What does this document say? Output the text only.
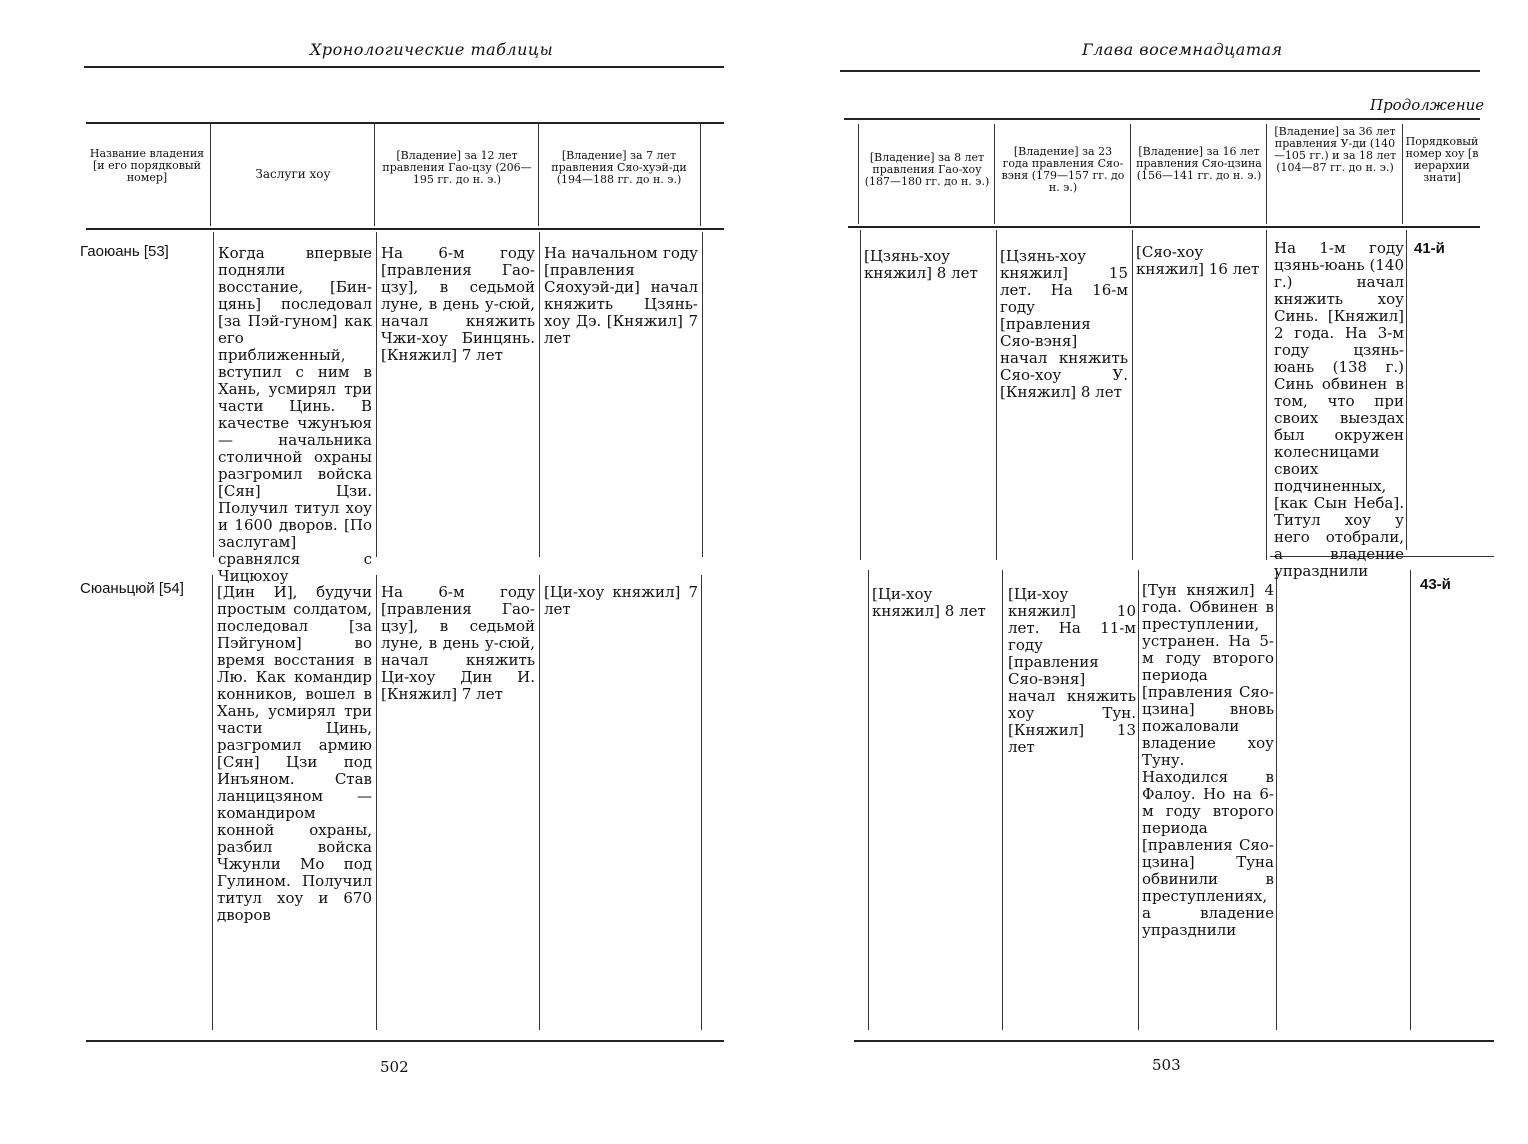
Хронологические таблицы
Название владения [и его порядковый номер]	Заслуги хоу
[Владение] за 12 лет правления Гао-цзу (206—195 гг. до н. э.)
[Владение] за 7 лет правления Сяо-хуэй-ди (194—188 гг. до н. э.)
Гаоюань [53]	Когда впервые подняли восстание, [Бин-цянь] последовал [за Пэй-гуном] как его приближенный, вступил с ним в Хань, усмирял три части Цинь. В качестве чжунъюя— начальника столичной охраны разгромил войска [Сян] Цзи. Получил титул хоу и 1600 дворов. [По заслугам] сравнялся с Чицюхоу
На 6-м году [правления Гао-цзу], в седьмой луне, в день у-сюй, начал княжить Чжи-хоу Бинцянь. [Княжил] 7 лет
На начальном году [правления Сяохуэй-ди] начал княжить Цзянь-хоу Дэ. [Княжил] 7 лет
Сюаньцюй [54] [Дин И], будучи простым солдатом, последовал [за Пэйгуном] во время восстания в Лю. Как командир конников, вошел в Хань, усмирял три части Цинь, разгромил армию [Сян] Цзи под Инъяном. Став ланцицзяном — командиром конной охраны, разбил войска Чжунли Мо под Гулином. Получил титул хоу и 670 дворов
На 6-м году [правления Гао-цзу], в седьмой луне, в день у-сюй, начал княжить Ци-хоу Дин И. [Княжил] 7 лет
[Ци-хоу княжил] 7 лет
502
Глава восемнадцатая
Продолжение
[Владение] за 8 лет правления Гао-хоу (187—180 гг. до н. э.)
[Владение] за 23 года правления Сяо-вэня (179—157 гг. до н. э.)
[Владение] за 16 лет правления Сяо-цзина (156—141 гг. до н. э.)
[Владение] за 36 лет правления У-ди (140—105 гг.) и за 18 лет (104—87 гг. до н. э.)
Порядковый номер хоу [в иерархии знати]
[Цзянь-хоу княжил] 8 лет
[Цзянь-хоу княжил] 15 лет. На 16-м году [правления Сяо-вэня] начал княжить Сяо-хоу У. [Княжил] 8 лет
[Сяо-хоу княжил] 16 лет
На 1-м году цзянь-юань (140 г.) начал княжить хоу Синь. [Княжил] 2 года. На 3-м году цзянь-юань (138 г.) Синь обвинен в том, что при своих выездах был окружен колесницами своих подчиненных, [как Сын Неба]. Титул хоу у него отобрали, а владение упразднили
41-й
[Ци-хоу княжил] 8 лет
[Ци-хоу княжил] 10 лет. На 11-м году [правления Сяо-вэня] начал княжить хоу Тун. [Княжил] 13 лет
[Тун княжил] 4 года. Обвинен в преступлении, устранен. На 5-м году второго периода [правления Сяо-цзина] вновь пожаловали владение хоу Туну. Находился в Фалоу. Но на 6-м году второго периода [правления Сяо-цзина] Туна обвинили в преступлениях, а владение упразднили
43-й
503
